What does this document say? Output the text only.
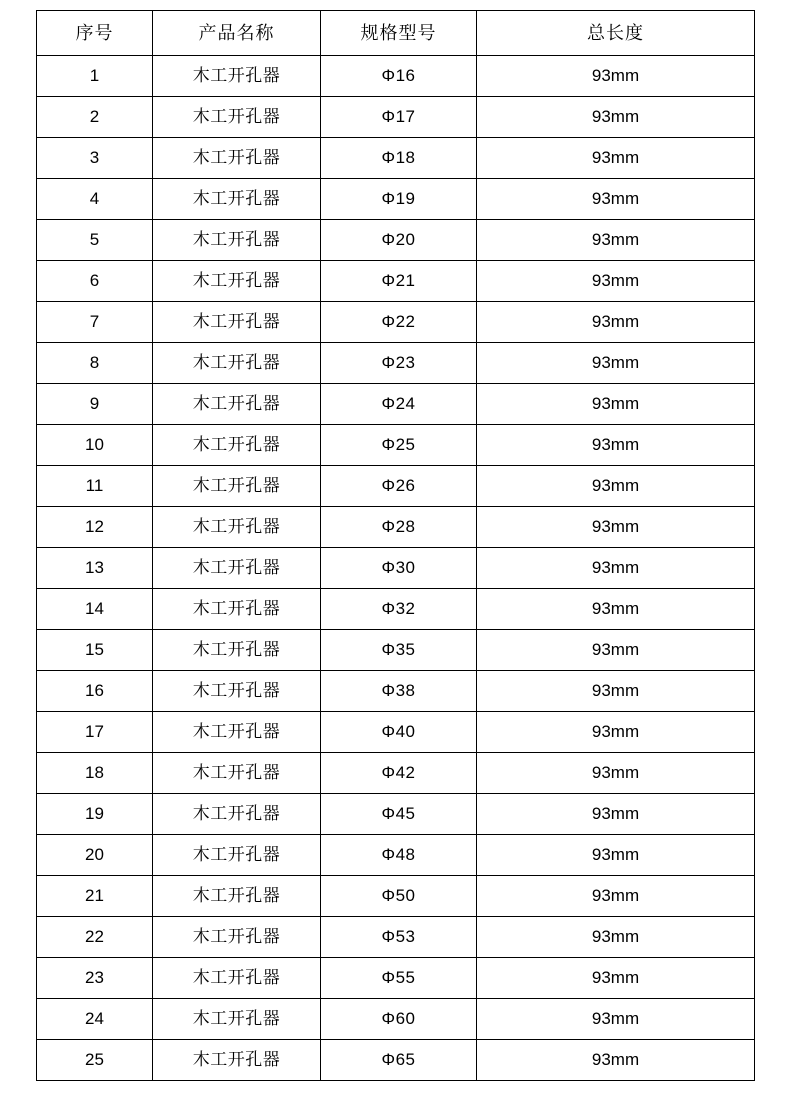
序号	产品名称	规格型号	总长度
1	木工开孔器	Φ16	93mm
2	木工开孔器	Φ17	93mm
3	木工开孔器	Φ18	93mm
4	木工开孔器	Φ19	93mm
5	木工开孔器	Φ20	93mm
6	木工开孔器	Φ21	93mm
7	木工开孔器	Φ22	93mm
8	木工开孔器	Φ23	93mm
9	木工开孔器	Φ24	93mm
10	木工开孔器	Φ25	93mm
11	木工开孔器	Φ26	93mm
12	木工开孔器	Φ28	93mm
13	木工开孔器	Φ30	93mm
14	木工开孔器	Φ32	93mm
15	木工开孔器	Φ35	93mm
16	木工开孔器	Φ38	93mm
17	木工开孔器	Φ40	93mm
18	木工开孔器	Φ42	93mm
19	木工开孔器	Φ45	93mm
20	木工开孔器	Φ48	93mm
21	木工开孔器	Φ50	93mm
22	木工开孔器	Φ53	93mm
23	木工开孔器	Φ55	93mm
24	木工开孔器	Φ60	93mm
25	木工开孔器	Φ65	93mm
